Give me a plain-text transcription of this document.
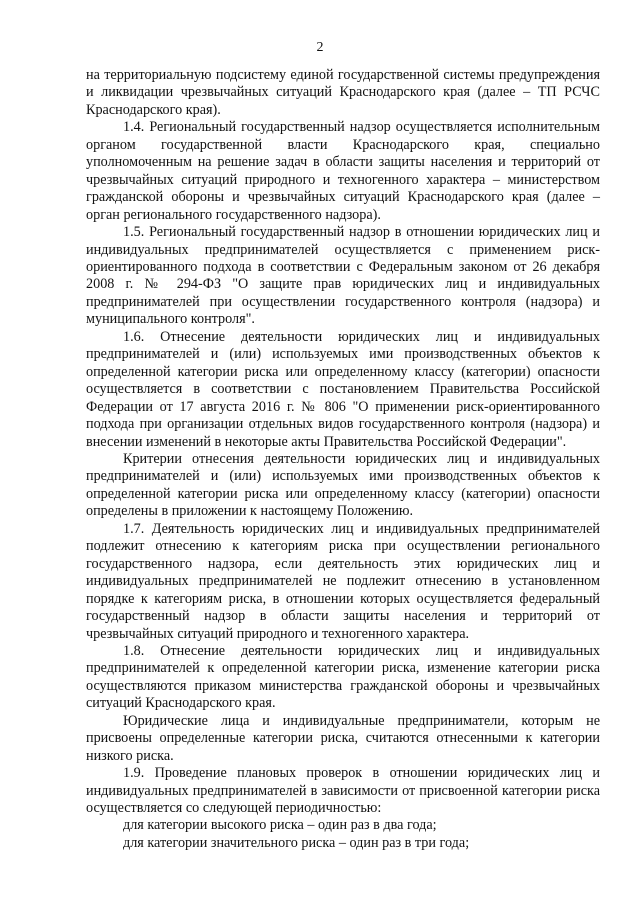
2

на территориальную подсистему единой государственной системы предупреждения и ликвидации чрезвычайных ситуаций Краснодарского края (далее – ТП РСЧС Краснодарского края).

1.4. Региональный государственный надзор осуществляется исполнительным органом государственной власти Краснодарского края, специально уполномоченным на решение задач в области защиты населения и территорий от чрезвычайных ситуаций природного и техногенного характера – министерством гражданской обороны и чрезвычайных ситуаций Краснодарского края (далее – орган регионального государственного надзора).

1.5. Региональный государственный надзор в отношении юридических лиц и индивидуальных предпринимателей осуществляется с применением риск-ориентированного подхода в соответствии с Федеральным законом от 26 декабря 2008 г. № 294-ФЗ "О защите прав юридических лиц и индивидуальных предпринимателей при осуществлении государственного контроля (надзора) и муниципального контроля".

1.6. Отнесение деятельности юридических лиц и индивидуальных предпринимателей и (или) используемых ими производственных объектов к определенной категории риска или определенному классу (категории) опасности осуществляется в соответствии с постановлением Правительства Российской Федерации от 17 августа 2016 г. № 806 "О применении риск-ориентированного подхода при организации отдельных видов государственного контроля (надзора) и внесении изменений в некоторые акты Правительства Российской Федерации".

Критерии отнесения деятельности юридических лиц и индивидуальных предпринимателей и (или) используемых ими производственных объектов к определенной категории риска или определенному классу (категории) опасности определены в приложении к настоящему Положению.

1.7. Деятельность юридических лиц и индивидуальных предпринимателей подлежит отнесению к категориям риска при осуществлении регионального государственного надзора, если деятельность этих юридических лиц и индивидуальных предпринимателей не подлежит отнесению в установленном порядке к категориям риска, в отношении которых осуществляется федеральный государственный надзор в области защиты населения и территорий от чрезвычайных ситуаций природного и техногенного характера.

1.8. Отнесение деятельности юридических лиц и индивидуальных предпринимателей к определенной категории риска, изменение категории риска осуществляются приказом министерства гражданской обороны и чрезвычайных ситуаций Краснодарского края.

Юридические лица и индивидуальные предприниматели, которым не присвоены определенные категории риска, считаются отнесенными к категории низкого риска.

1.9. Проведение плановых проверок в отношении юридических лиц и индивидуальных предпринимателей в зависимости от присвоенной категории риска осуществляется со следующей периодичностью:

для категории высокого риска – один раз в два года;

для категории значительного риска – один раз в три года;
